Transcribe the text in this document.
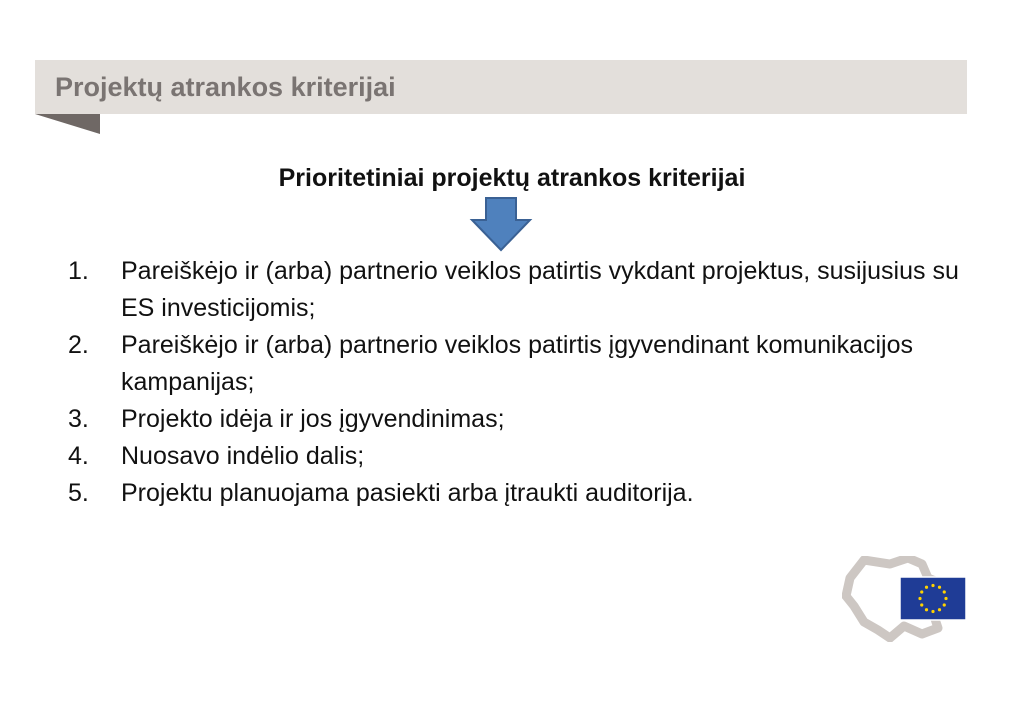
Projektų atrankos kriterijai
Prioritetiniai projektų atrankos kriterijai
1. Pareiškėjo ir (arba) partnerio veiklos patirtis vykdant projektus, susijusius su ES investicijomis;
2. Pareiškėjo ir (arba) partnerio veiklos patirtis įgyvendinant komunikacijos kampanijas;
3. Projekto idėja ir jos įgyvendinimas;
4. Nuosavo indėlio dalis;
5. Projektu planuojama pasiekti arba įtraukti auditorija.
